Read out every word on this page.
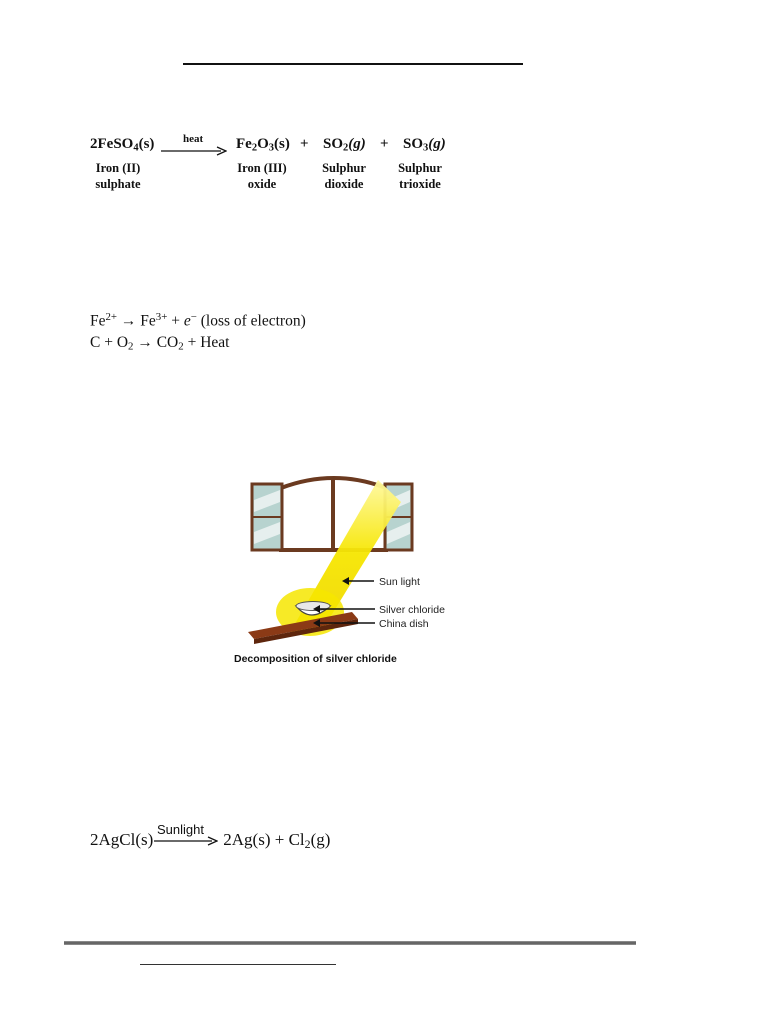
2FeSO$_4$(s)	heat $Fe_2O_3(s) + SO_2(g) + SO_3(g)$
Iron (II)
sulphate
Iron (III)
oxide
Sulphur
dioxide
Sulphur
trioxide
$Fe^{2+} \to Fe^{3+} + e^-$ (loss of electron)
$C + O_2 \to CO_2$ + Heat
Sun light
Silver chloride
China dish
Decomposition of silver chloride
Sunlight
2AgCl(s)	$2Ag(s) + Cl_2(g)$
